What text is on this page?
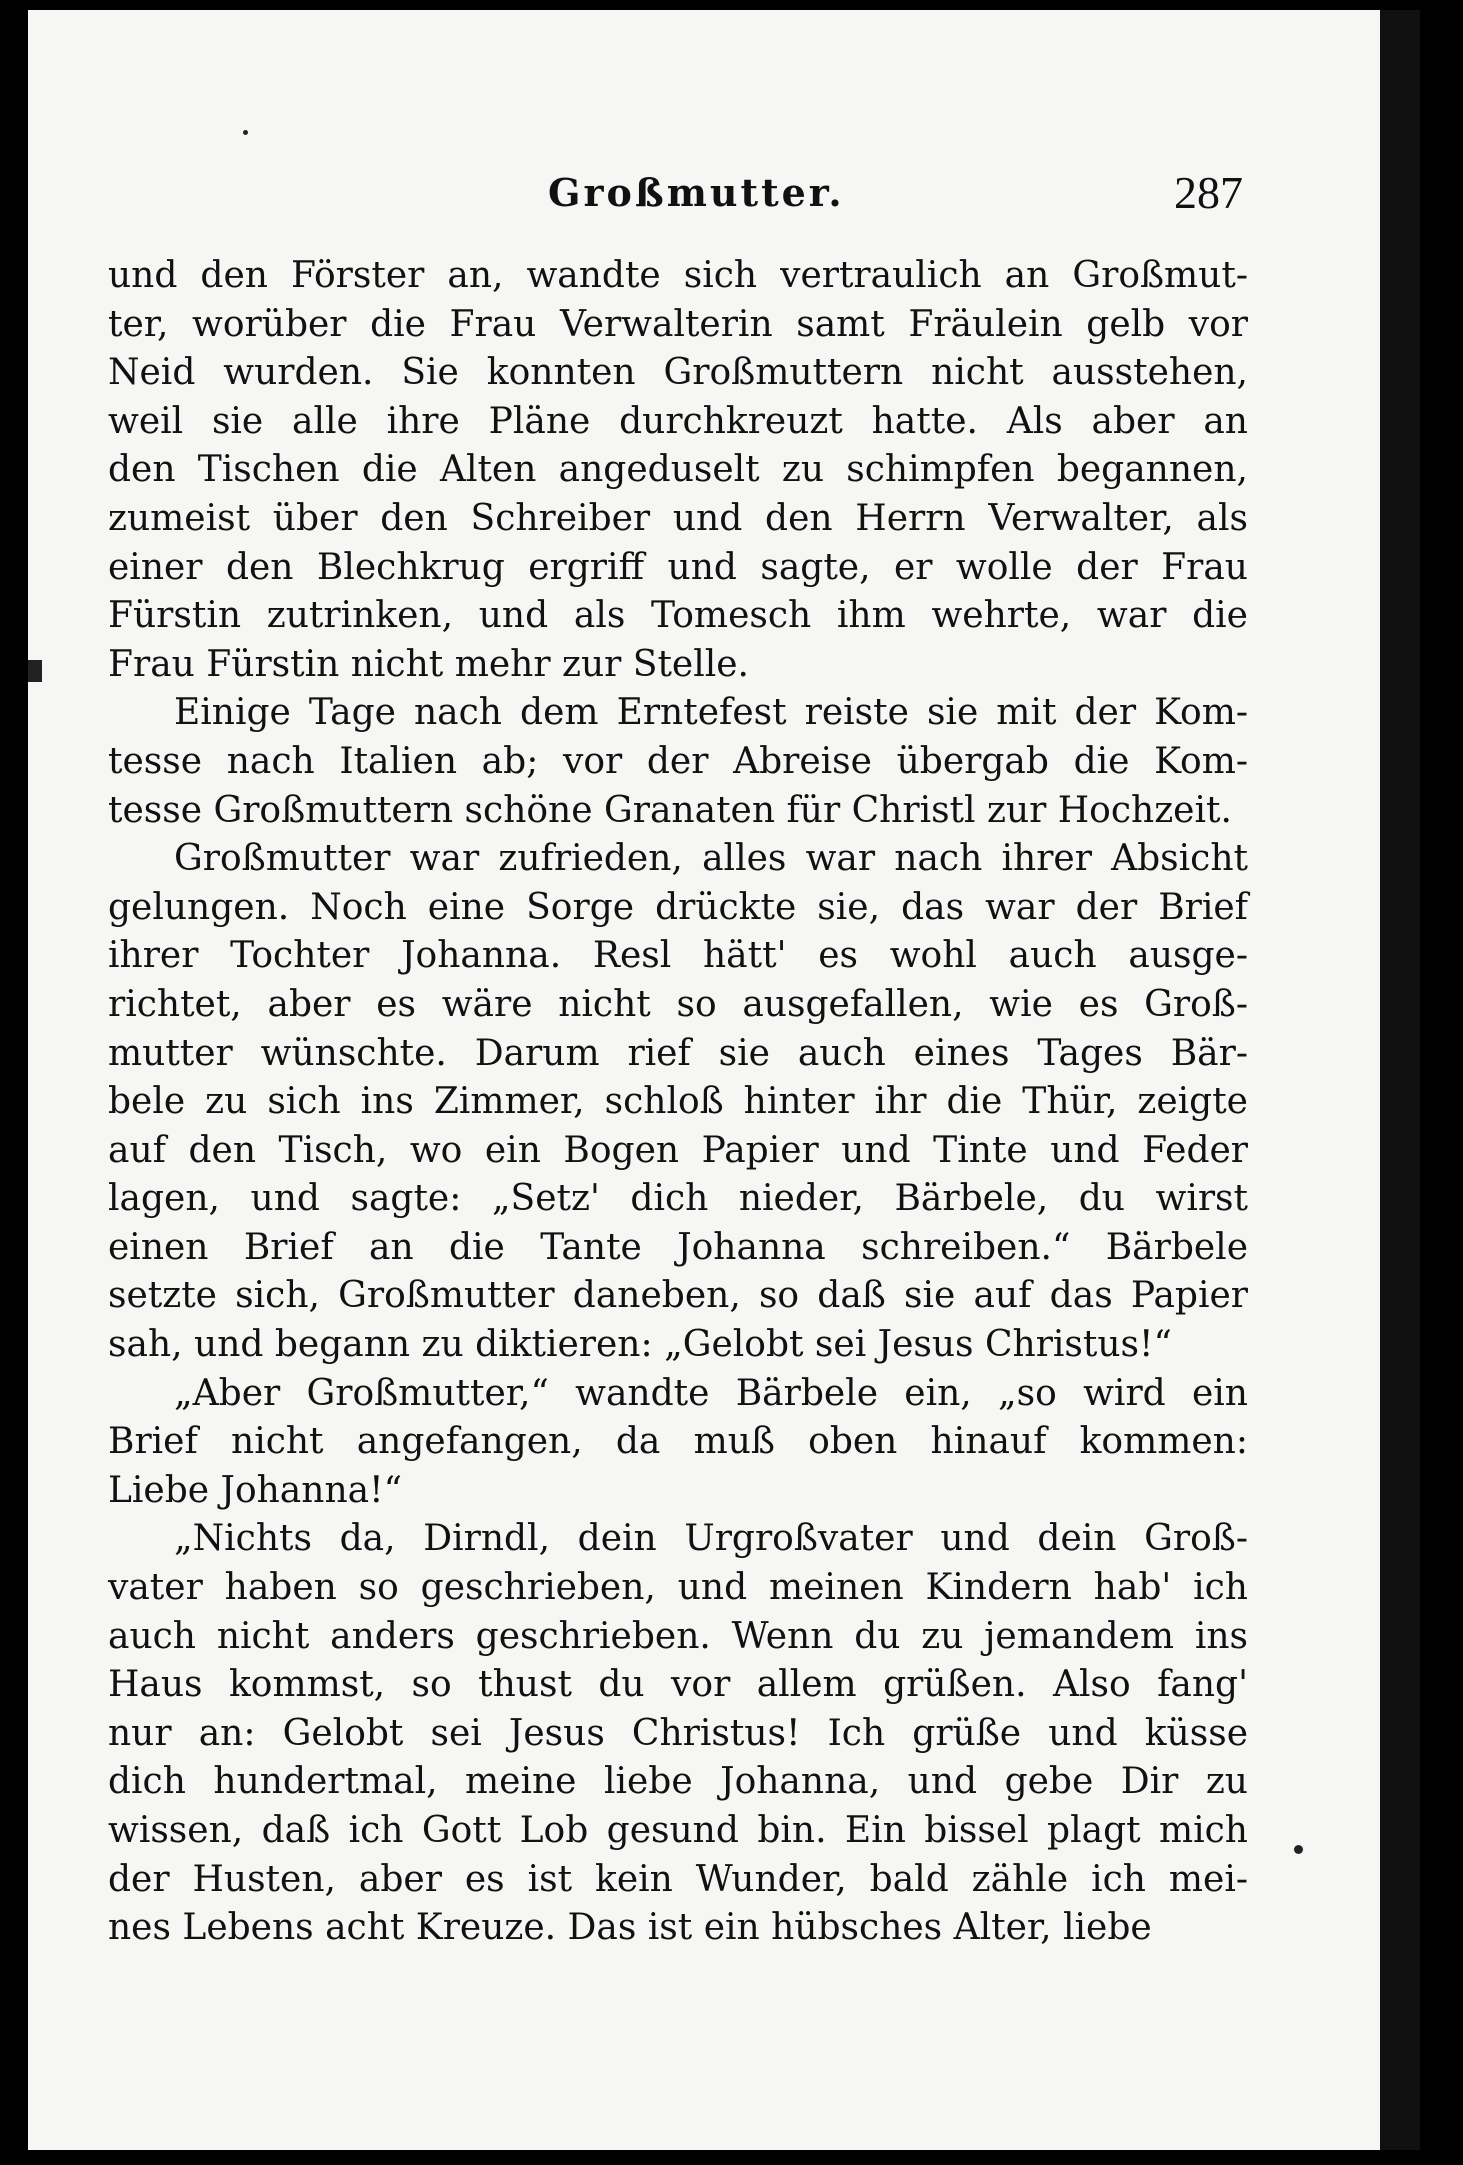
Großmutter.	287
und den Förster an, wandte sich vertraulich an Großmut-
ter, worüber die Frau Verwalterin samt Fräulein gelb vor
Neid wurden. Sie konnten Großmuttern nicht ausstehen,
weil sie alle ihre Pläne durchkreuzt hatte. Als aber an
den Tischen die Alten angeduselt zu schimpfen begannen,
zumeist über den Schreiber und den Herrn Verwalter, als
einer den Blechkrug ergriff und sagte, er wolle der Frau
Fürstin zutrinken, und als Tomesch ihm wehrte, war die
Frau Fürstin nicht mehr zur Stelle.
Einige Tage nach dem Erntefest reiste sie mit der Kom-
tesse nach Italien ab; vor der Abreise übergab die Kom-
tesse Großmuttern schöne Granaten für Christl zur Hochzeit.
Großmutter war zufrieden, alles war nach ihrer Absicht
gelungen. Noch eine Sorge drückte sie, das war der Brief
ihrer Tochter Johanna. Resl hätt' es wohl auch ausge-
richtet, aber es wäre nicht so ausgefallen, wie es Groß-
mutter wünschte. Darum rief sie auch eines Tages Bär-
bele zu sich ins Zimmer, schloß hinter ihr die Thür, zeigte
auf den Tisch, wo ein Bogen Papier und Tinte und Feder
lagen, und sagte: „Setz' dich nieder, Bärbele, du wirst
einen Brief an die Tante Johanna schreiben.“ Bärbele
setzte sich, Großmutter daneben, so daß sie auf das Papier
sah, und begann zu diktieren: „Gelobt sei Jesus Christus!“
„Aber Großmutter,“ wandte Bärbele ein, „so wird ein
Brief nicht angefangen, da muß oben hinauf kommen:
Liebe Johanna!“
„Nichts da, Dirndl, dein Urgroßvater und dein Groß-
vater haben so geschrieben, und meinen Kindern hab' ich
auch nicht anders geschrieben. Wenn du zu jemandem ins
Haus kommst, so thust du vor allem grüßen. Also fang'
nur an: Gelobt sei Jesus Christus! Ich grüße und küsse
dich hundertmal, meine liebe Johanna, und gebe Dir zu
wissen, daß ich Gott Lob gesund bin. Ein bissel plagt mich
der Husten, aber es ist kein Wunder, bald zähle ich mei-
nes Lebens acht Kreuze. Das ist ein hübsches Alter, liebe
